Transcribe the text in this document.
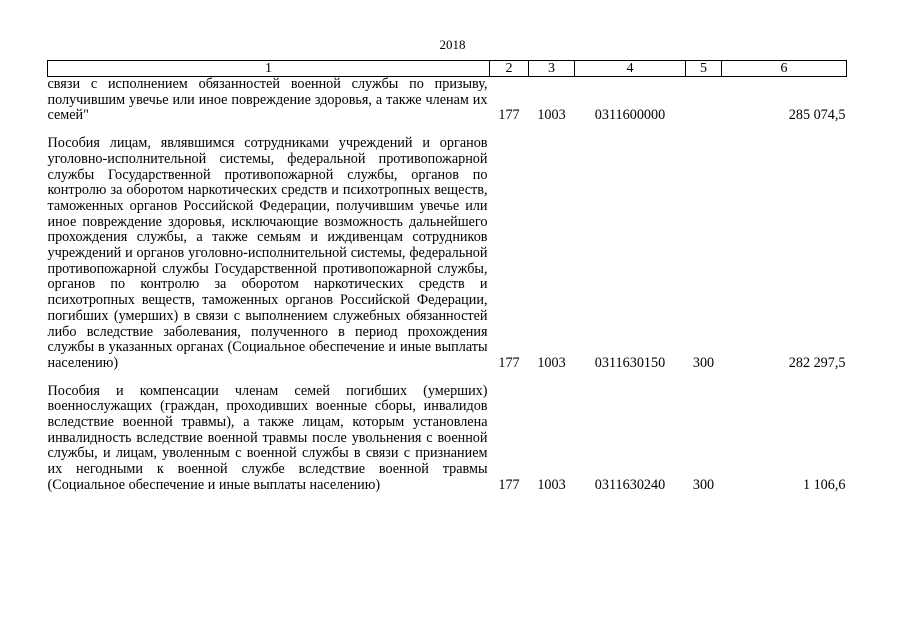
2018
1	2	3	4	5	6
связи с исполнением обязанностей военной службы по призыву, получившим увечье или иное повреждение здоровья, а также членам их семей"	177	1003	0311600000		285 074,5

Пособия лицам, являвшимся сотрудниками учреждений и органов уголовно-исполнительной системы, федеральной противопожарной службы Государственной противопожарной службы, органов по контролю за оборотом наркотических средств и психотропных веществ, таможенных органов Российской Федерации, получившим увечье или иное повреждение здоровья, исключающие возможность дальнейшего прохождения службы, а также семьям и иждивенцам сотрудников учреждений и органов уголовно-исполнительной системы, федеральной противопожарной службы Государственной противопожарной службы, органов по контролю за оборотом наркотических средств и психотропных веществ, таможенных органов Российской Федерации, погибших (умерших) в связи с выполнением служебных обязанностей либо вследствие заболевания, полученного в период прохождения службы в указанных органах (Социальное обеспечение и иные выплаты населению)	177	1003	0311630150	300	282 297,5

Пособия и компенсации членам семей погибших (умерших) военнослужащих (граждан, проходивших военные сборы, инвалидов вследствие военной травмы), а также лицам, которым установлена инвалидность вследствие военной травмы после увольнения с военной службы, и лицам, уволенным с военной службы в связи с признанием их негодными к военной службе вследствие военной травмы (Социальное обеспечение и иные выплаты населению)	177	1003	0311630240	300	1 106,6
